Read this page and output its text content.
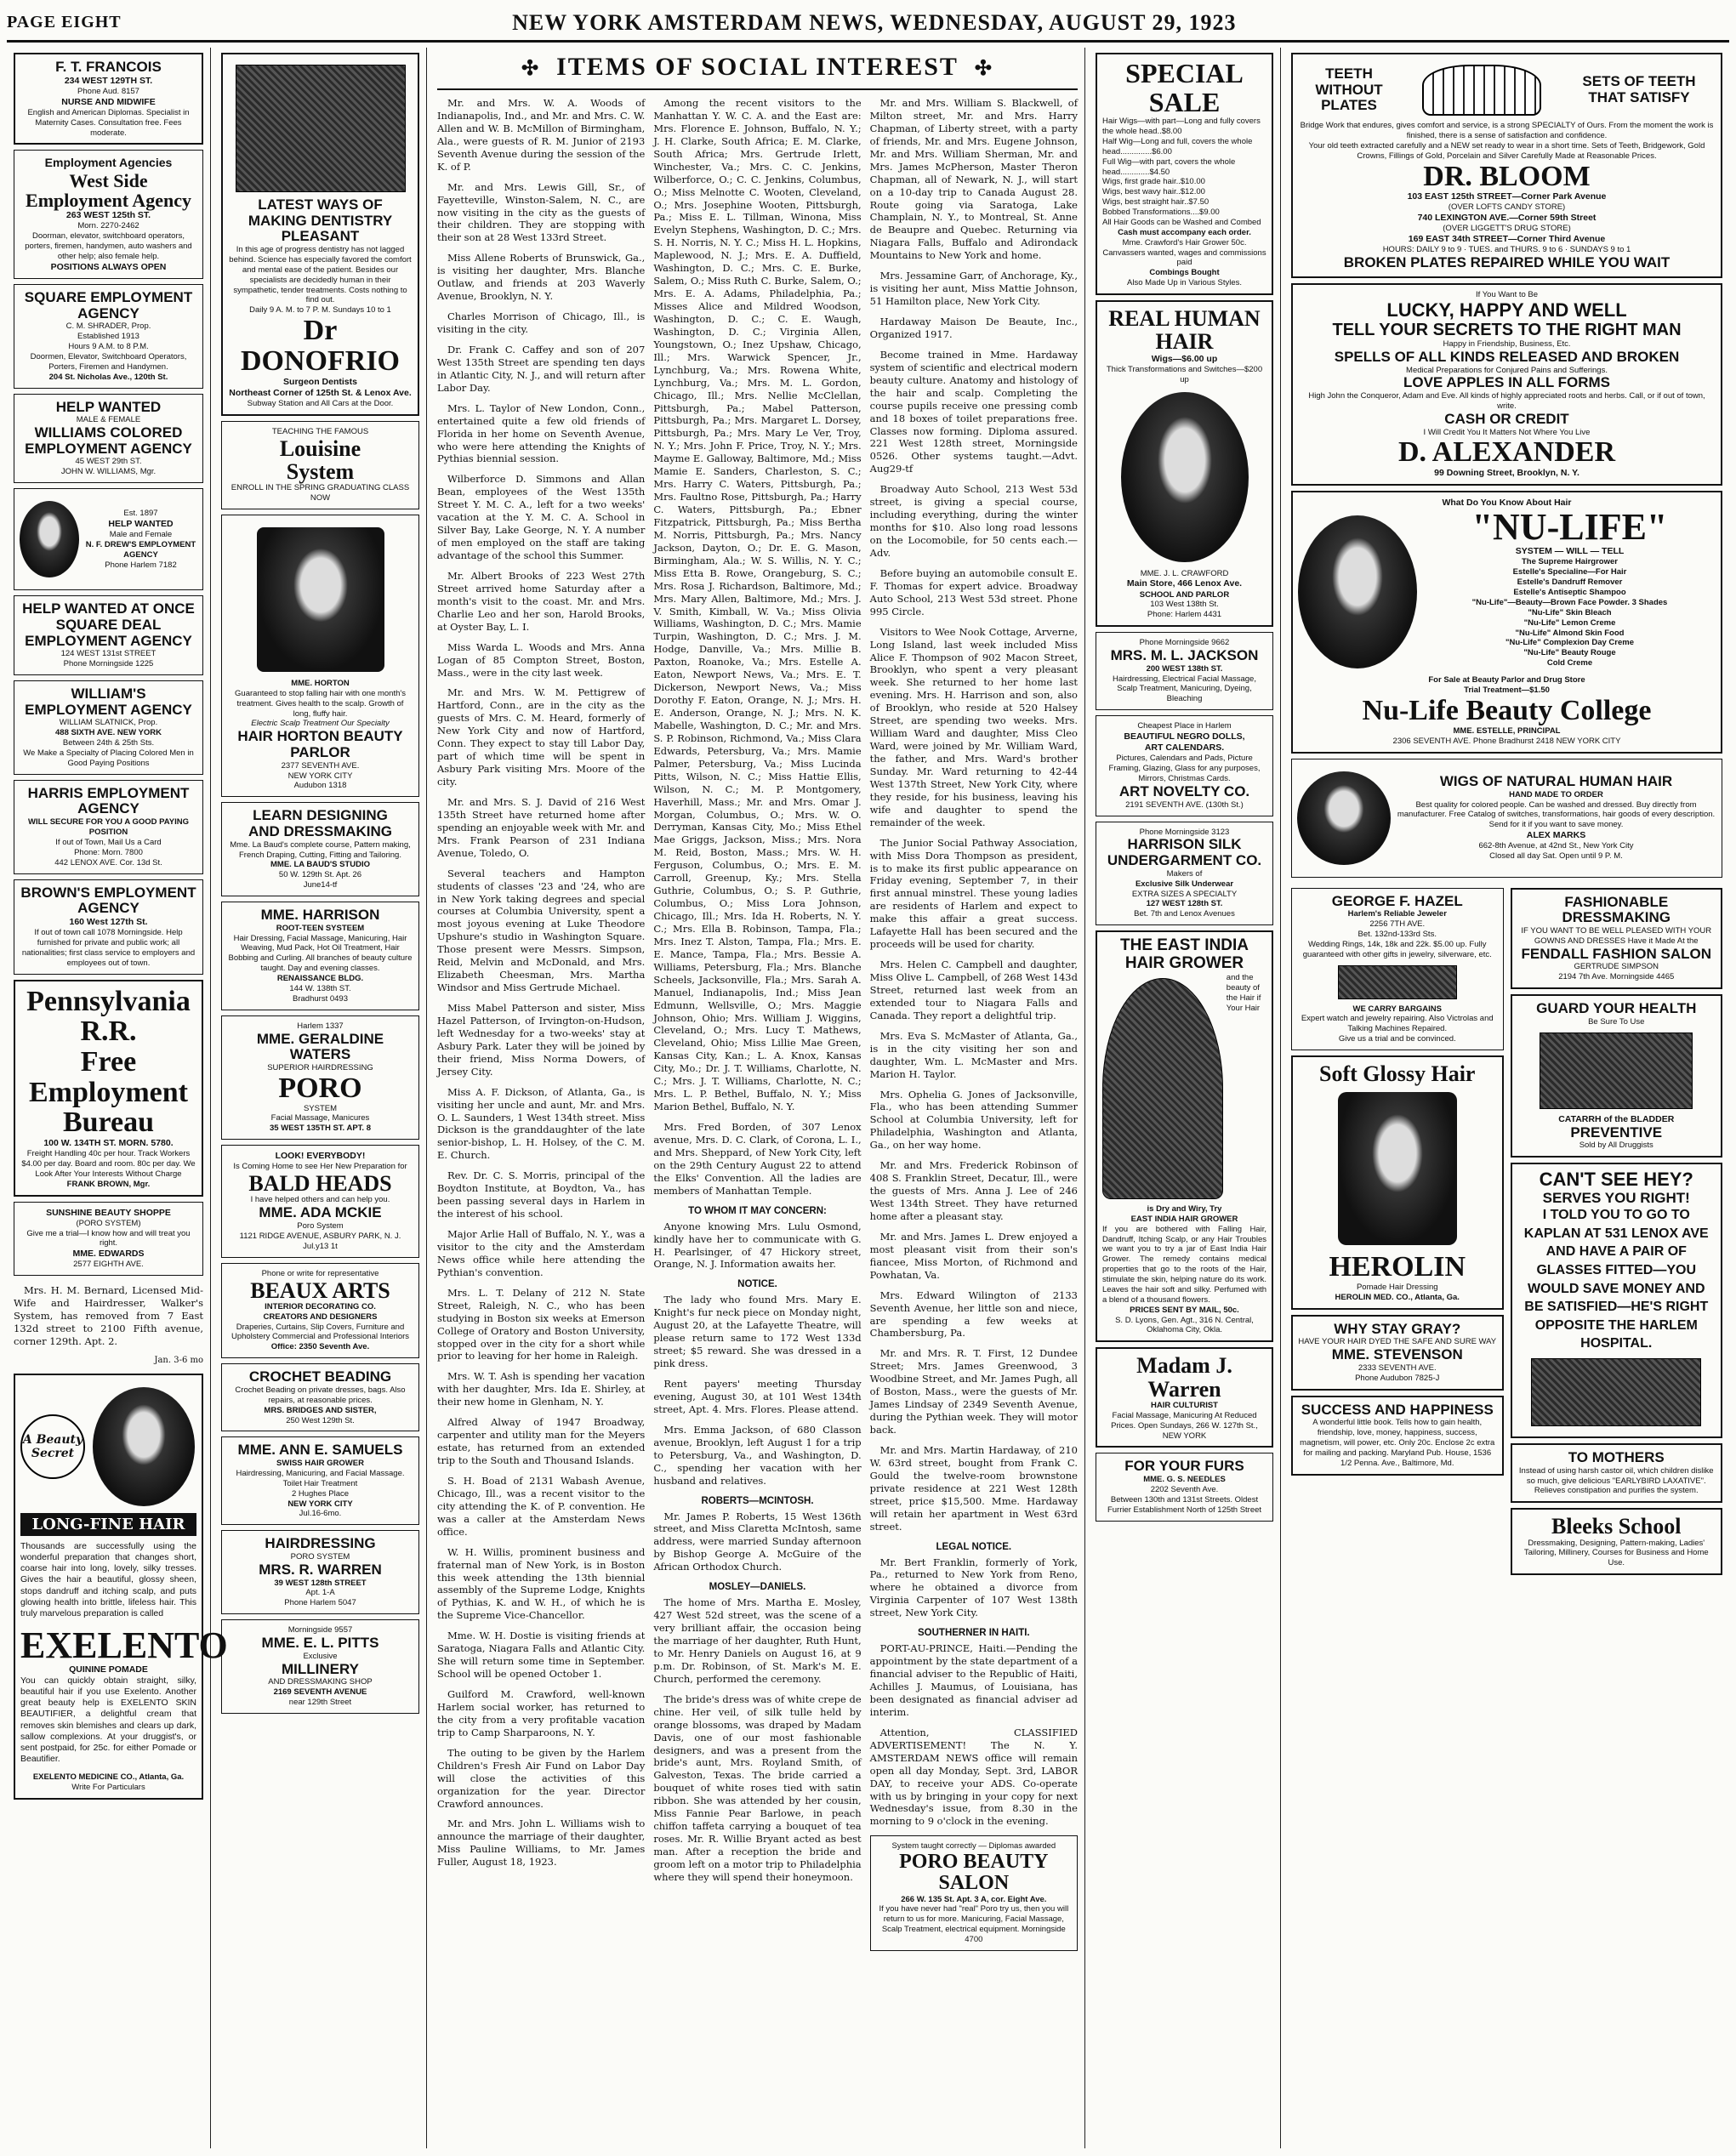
PAGE EIGHT	NEW YORK AMSTERDAM NEWS, WEDNESDAY, AUGUST 29, 1923
F. T. FRANCOIS

234 WEST 129TH ST.

Phone Aud. 8157

NURSE AND MIDWIFE

English and American Diplomas. Specialist in Maternity Cases. Consultation free. Fees moderate.

Employment Agencies

West Side Employment Agency

263 WEST 125th ST.

Morn. 2270-2462

Doorman, elevator, switchboard operators, porters, firemen, handymen, auto washers and other help; also female help.

POSITIONS ALWAYS OPEN

SQUARE EMPLOYMENT AGENCY

C. M. SHRADER, Prop.

Established 1913

Hours 9 A.M. to 8 P.M.

Doormen, Elevator, Switchboard Operators, Porters, Firemen and Handymen.

204 St. Nicholas Ave., 120th St.

HELP WANTED

MALE & FEMALE

WILLIAMS COLORED EMPLOYMENT AGENCY

45 WEST 29th ST.

JOHN W. WILLIAMS, Mgr.

Est. 1897

HELP WANTED

Male and Female

N. F. DREW'S EMPLOYMENT AGENCY

Phone Harlem 7182

HELP WANTED AT ONCE
SQUARE DEAL EMPLOYMENT AGENCY

124 WEST 131st STREET

Phone Morningside 1225

WILLIAM'S EMPLOYMENT AGENCY

WILLIAM SLATNICK, Prop.

488 SIXTH AVE. NEW YORK

Between 24th & 25th Sts.

We Make a Specialty of Placing Colored Men in Good Paying Positions

HARRIS EMPLOYMENT AGENCY

WILL SECURE FOR YOU A GOOD PAYING POSITION

If out of Town, Mail Us a Card

Phone: Morn. 7800

442 LENOX AVE. Cor. 13d St.

BROWN'S EMPLOYMENT AGENCY

160 West 127th St.

If out of town call 1078 Morningside. Help furnished for private and public work; all nationalities; first class service to employers and employees out of town.

Pennsylvania R.R.
Free Employment
Bureau

100 W. 134TH ST. MORN. 5780.

Freight Handling 40c per hour. Track Workers $4.00 per day. Board and room. 80c per day. We Look After Your Interests Without Charge

FRANK BROWN, Mgr.

SUNSHINE BEAUTY SHOPPE

(PORO SYSTEM)

Give me a trial—I know how and will treat you right.

MME. EDWARDS

2577 EIGHTH AVE.

Mrs. H. M. Bernard, Licensed Mid-Wife and Hairdresser, Walker's System, has removed from 7 East 132d street to 2100 Fifth avenue, corner 129th. Apt. 2.

Jan. 3-6 mo

A Beauty Secret
LONG-FINE HAIR

Thousands are successfully using the wonderful preparation that changes short, coarse hair into long, lovely, silky tresses. Gives the hair a beautiful, glossy sheen, stops dandruff and itching scalp, and puts glowing health into brittle, lifeless hair. This truly marvelous preparation is called

EXELENTO

QUININE POMADE

You can quickly obtain straight, silky, beautiful hair if you use Exelento. Another great beauty help is EXELENTO SKIN BEAUTIFIER, a delightful cream that removes skin blemishes and clears up dark, sallow complexions. At your druggist's, or sent postpaid, for 25c. for either Pomade or Beautifier.

EXELENTO MEDICINE CO., Atlanta, Ga.

Write For Particulars

LATEST WAYS OF MAKING DENTISTRY PLEASANT

In this age of progress dentistry has not lagged behind. Science has especially favored the comfort and mental ease of the patient. Besides our specialists are decidedly human in their sympathetic, tender treatments. Costs nothing to find out.

Daily 9 A. M. to 7 P. M. Sundays 10 to 1

Dr DONOFRIO

Surgeon Dentists

Northeast Corner of 125th St. & Lenox Ave.

Subway Station and All Cars at the Door.

TEACHING THE FAMOUS

Louisine
System

ENROLL IN THE SPRING GRADUATING CLASS NOW

MME. HORTON

Guaranteed to stop falling hair with one month's treatment. Gives health to the scalp. Growth of long, fluffy hair.

Electric Scalp Treatment Our Specialty

HAIR HORTON BEAUTY PARLOR

2377 SEVENTH AVE.

NEW YORK CITY

Audubon 1318

LEARN DESIGNING
AND DRESSMAKING

Mme. La Baud's complete course, Pattern making, French Draping, Cutting, Fitting and Tailoring.

MME. LA BAUD'S STUDIO

50 W. 129th St. Apt. 26

June14-tf

MME. HARRISON

ROOT-TEEN SYSTEEM

Hair Dressing, Facial Massage, Manicuring, Hair Weaving, Mud Pack, Hot Oil Treatment, Hair Bobbing and Curling. All branches of beauty culture taught. Day and evening classes.

RENAISSANCE BLDG.

144 W. 138th ST.

Bradhurst 0493

Harlem 1337

MME. GERALDINE WATERS

SUPERIOR HAIRDRESSING

PORO

SYSTEM

Facial Massage, Manicures

35 WEST 135TH ST. APT. 8

LOOK! EVERYBODY!

Is Coming Home to see Her New Preparation for

BALD HEADS

I have helped others and can help you.

MME. ADA MCKIE

Poro System

1121 RIDGE AVENUE, ASBURY PARK, N. J.

Jul.y13 1t

Phone or write for representative

BEAUX ARTS

INTERIOR DECORATING CO.

CREATORS AND DESIGNERS

Draperies, Curtains, Slip Covers, Furniture and Upholstery Commercial and Professional Interiors

Office: 2350 Seventh Ave.

CROCHET BEADING

Crochet Beading on private dresses, bags. Also repairs, at reasonable prices.

MRS. BRIDGES AND SISTER,

250 West 129th St.

MME. ANN E. SAMUELS

SWISS HAIR GROWER

Hairdressing, Manicuring, and Facial Massage. Toilet Hair Treatment

2 Hughes Place

NEW YORK CITY

Jul.16-6mo.

HAIRDRESSING

PORO SYSTEM

MRS. R. WARREN

39 WEST 128th STREET

Apt. 1-A

Phone Harlem 5047

Morningside 9557

MME. E. L. PITTS

Exclusive

MILLINERY

AND DRESSMAKING SHOP

2169 SEVENTH AVENUE

near 129th Street

✣ ITEMS OF SOCIAL INTEREST ✣

Mr. and Mrs. W. A. Woods of Indianapolis, Ind., and Mr. and Mrs. C. W. Allen and W. B. McMillon of Birmingham, Ala., were guests of R. M. Junior of 2193 Seventh Avenue during the session of the K. of P.

Mr. and Mrs. Lewis Gill, Sr., of Fayetteville, Winston-Salem, N. C., are now visiting in the city as the guests of their children. They are stopping with their son at 28 West 133rd Street.

Miss Allene Roberts of Brunswick, Ga., is visiting her daughter, Mrs. Blanche Outlaw, and friends at 203 Waverly Avenue, Brooklyn, N. Y.

Charles Morrison of Chicago, Ill., is visiting in the city.

Dr. Frank C. Caffey and son of 207 West 135th Street are spending ten days in Atlantic City, N. J., and will return after Labor Day.

Mrs. L. Taylor of New London, Conn., entertained quite a few old friends of Florida in her home on Seventh Avenue, who were here attending the Knights of Pythias biennial session.

Wilberforce D. Simmons and Allan Bean, employees of the West 135th Street Y. M. C. A., left for a two weeks' vacation at the Y. M. C. A. School in Silver Bay, Lake George, N. Y. A number of men employed on the staff are taking advantage of the school this Summer.

Mr. Albert Brooks of 223 West 27th Street arrived home Saturday after a month's visit to the coast. Mr. and Mrs. Charlie Leo and her son, Harold Brooks, at Oyster Bay, L. I.

Miss Warda L. Woods and Mrs. Anna Logan of 85 Compton Street, Boston, Mass., were in the city last week.

Mr. and Mrs. W. M. Pettigrew of Hartford, Conn., are in the city as the guests of Mrs. C. M. Heard, formerly of New York City and now of Hartford, Conn. They expect to stay till Labor Day, part of which time will be spent in Asbury Park visiting Mrs. Moore of the city.

Mr. and Mrs. S. J. David of 216 West 135th Street have returned home after spending an enjoyable week with Mr. and Mrs. Frank Pearson of 231 Indiana Avenue, Toledo, O.

Several teachers and Hampton students of classes '23 and '24, who are in New York taking degrees and special courses at Columbia University, spent a most joyous evening at Luke Theodore Upshure's studio in Washington Square. Those present were Messrs. Simpson, Reid, Melvin and McDonald, and Mrs. Elizabeth Cheesman, Mrs. Martha Windsor and Miss Gertrude Michael.

Miss Mabel Patterson and sister, Miss Hazel Patterson, of Irvington-on-Hudson, left Wednesday for a two-weeks' stay at Asbury Park. Later they will be joined by their friend, Miss Norma Dowers, of Jersey City.

Miss A. F. Dickson, of Atlanta, Ga., is visiting her uncle and aunt, Mr. and Mrs. O. L. Saunders, 1 West 134th street. Miss Dickson is the granddaughter of the late senior-bishop, L. H. Holsey, of the C. M. E. Church.

Rev. Dr. C. S. Morris, principal of the Boydton Institute, at Boydton, Va., has been passing several days in Harlem in the interest of his school.

Major Arlie Hall of Buffalo, N. Y., was a visitor to the city and the Amsterdam News office while here attending the Pythian's convention.

Mrs. L. T. Delany of 212 N. State Street, Raleigh, N. C., who has been studying in Boston six weeks at Emerson College of Oratory and Boston University, stopped over in the city for a short while prior to leaving for her home in Raleigh.

Mrs. W. T. Ash is spending her vacation with her daughter, Mrs. Ida E. Shirley, at their new home in Glenham, N. Y.

Alfred Alway of 1947 Broadway, carpenter and utility man for the Meyers estate, has returned from an extended trip to the South and Thousand Islands.

S. H. Boad of 2131 Wabash Avenue, Chicago, Ill., was a recent visitor to the city attending the K. of P. convention. He was a caller at the Amsterdam News office.

W. H. Willis, prominent business and fraternal man of New York, is in Boston this week attending the 13th biennial assembly of the Supreme Lodge, Knights of Pythias, K. and W. H., of which he is the Supreme Vice-Chancellor.

Mme. W. H. Dostie is visiting friends at Saratoga, Niagara Falls and Atlantic City. She will return some time in September. School will be opened October 1.

Guilford M. Crawford, well-known Harlem social worker, has returned to the city from a very profitable vacation trip to Camp Sharparoons, N. Y.

The outing to be given by the Harlem Children's Fresh Air Fund on Labor Day will close the activities of this organization for the year. Director Crawford announces.

Mr. and Mrs. John L. Williams wish to announce the marriage of their daughter, Miss Pauline Williams, to Mr. James Fuller, August 18, 1923.

Among the recent visitors to the Manhattan Y. W. C. A. and the East are: Mrs. Florence E. Johnson, Buffalo, N. Y.; J. H. Clarke, South Africa; E. M. Clarke, South Africa; Mrs. Gertrude Irlett, Winchester, Va.; Mrs. C. C. Jenkins, Wilberforce, O.; C. C. Jenkins, Columbus, O.; Miss Melnotte C. Wooten, Cleveland, O.; Mrs. Josephine Wooten, Pittsburgh, Pa.; Miss E. L. Tillman, Winona, Miss Evelyn Stephens, Washington, D. C.; Mrs. S. H. Norris, N. Y. C.; Miss H. L. Hopkins, Maplewood, N. J.; Mrs. E. A. Duffield, Washington, D. C.; Mrs. C. E. Burke, Salem, O.; Miss Ruth C. Burke, Salem, O.; Mrs. E. A. Adams, Philadelphia, Pa.; Misses Alice and Mildred Woodson, Washington, D. C.; C. E. Waugh, Washington, D. C.; Virginia Allen, Youngstown, O.; Inez Upshaw, Chicago, Ill.; Mrs. Warwick Spencer, Jr., Lynchburg, Va.; Mrs. Rowena White, Lynchburg, Va.; Mrs. M. L. Gordon, Chicago, Ill.; Mrs. Nellie McClellan, Pittsburgh, Pa.; Mabel Patterson, Pittsburgh, Pa.; Mrs. Margaret L. Dorsey, Pittsburgh, Pa.; Mrs. Mary Le Ver, Troy, N. Y.; Mrs. John F. Price, Troy, N. Y.; Mrs. Mayme E. Galloway, Baltimore, Md.; Miss Mamie E. Sanders, Charleston, S. C.; Mrs. Harry C. Waters, Pittsburgh, Pa.; Mrs. Faultno Rose, Pittsburgh, Pa.; Harry C. Waters, Pittsburgh, Pa.; Ebner Fitzpatrick, Pittsburgh, Pa.; Miss Bertha M. Norris, Pittsburgh, Pa.; Mrs. Nancy Jackson, Dayton, O.; Dr. E. G. Mason, Birmingham, Ala.; W. S. Willis, N. Y. C.; Miss Etta B. Rowe, Orangeburg, S. C.; Mrs. Rosa J. Richardson, Baltimore, Md.; Mrs. Mary Allen, Baltimore, Md.; Mrs. J. V. Smith, Kimball, W. Va.; Miss Olivia Williams, Washington, D. C.; Mrs. Mamie Turpin, Washington, D. C.; Mrs. J. M. Hodge, Danville, Va.; Mrs. Millie B. Paxton, Roanoke, Va.; Mrs. Estelle A. Eaton, Newport News, Va.; Mrs. E. T. Dickerson, Newport News, Va.; Miss Dorothy F. Eaton, Orange, N. J.; Mrs. H. E. Anderson, Orange, N. J.; Mrs. N. K. Mabelle, Washington, D. C.; Mr. and Mrs. S. P. Robinson, Richmond, Va.; Miss Clara Edwards, Petersburg, Va.; Mrs. Mamie Palmer, Petersburg, Va.; Miss Lucinda Pitts, Wilson, N. C.; Miss Hattie Ellis, Wilson, N. C.; M. P. Montgomery, Haverhill, Mass.; Mr. and Mrs. Omar J. Morgan, Columbus, O.; Mrs. W. O. Derryman, Kansas City, Mo.; Miss Ethel Mae Griggs, Jackson, Miss.; Mrs. Nora M. Reid, Boston, Mass.; Mrs. W. H. Ferguson, Columbus, O.; Mrs. E. M. Carroll, Greenup, Ky.; Mrs. Stella Guthrie, Columbus, O.; S. P. Guthrie, Columbus, O.; Miss Lora Johnson, Chicago, Ill.; Mrs. Ida H. Roberts, N. Y. C.; Mrs. Ella B. Robinson, Tampa, Fla.; Mrs. Inez T. Alston, Tampa, Fla.; Mrs. E. E. Mance, Tampa, Fla.; Mrs. Bessie A. Williams, Petersburg, Fla.; Mrs. Blanche Scheels, Jacksonville, Fla.; Mrs. Sarah A. Manuel, Indianapolis, Ind.; Miss Jean Edmunn, Wellsville, O.; Mrs. Maggie Johnson, Ohio; Mrs. William J. Wiggins, Cleveland, O.; Mrs. Lucy T. Mathews, Cleveland, Ohio; Miss Lillie Mae Green, Kansas City, Kan.; L. A. Knox, Kansas City, Mo.; Dr. J. T. Williams, Charlotte, N. C.; Mrs. J. T. Williams, Charlotte, N. C.; Mrs. L. P. Bethel, Buffalo, N. Y.; Miss Marion Bethel, Buffalo, N. Y.

Mrs. Fred Borden, of 307 Lenox avenue, Mrs. D. C. Clark, of Corona, L. I., and Mrs. Sheppard, of New York City, left on the 29th Century August 22 to attend the Elks' Convention. All the ladies are members of Manhattan Temple.

TO WHOM IT MAY CONCERN:

Anyone knowing Mrs. Lulu Osmond, kindly have her to communicate with G. H. Pearlsinger, of 47 Hickory street, Orange, N. J. Information awaits her.

NOTICE.

The lady who found Mrs. Mary E. Knight's fur neck piece on Monday night, August 20, at the Lafayette Theatre, will please return same to 172 West 133d street; $5 reward. She was dressed in a pink dress.

Rent payers' meeting Thursday evening, August 30, at 101 West 134th street, Apt. 4. Mrs. Flores. Please attend.

Mrs. Emma Jackson, of 680 Classon avenue, Brooklyn, left August 1 for a trip to Petersburg, Va., and Washington, D. C., spending her vacation with her husband and relatives.

ROBERTS—MCINTOSH.

Mr. James P. Roberts, 15 West 136th street, and Miss Claretta McIntosh, same address, were married Sunday afternoon by Bishop George A. McGuire of the African Orthodox Church.

MOSLEY—DANIELS.

The home of Mrs. Martha E. Mosley, 427 West 52d street, was the scene of a very brilliant affair, the occasion being the marriage of her daughter, Ruth Hunt, to Mr. Henry Daniels on August 16, at 9 p.m. Dr. Robinson, of St. Mark's M. E. Church, performed the ceremony.

The bride's dress was of white crepe de chine. Her veil, of silk tulle held by orange blossoms, was draped by Madam Davis, one of our most fashionable designers, and was a present from the bride's aunt, Mrs. Royland Smith, of Galveston, Texas. The bride carried a bouquet of white roses tied with satin ribbon. She was attended by her cousin, Miss Fannie Pear Barlowe, in peach chiffon taffeta carrying a bouquet of tea roses. Mr. R. Willie Bryant acted as best man. After a reception the bride and groom left on a motor trip to Philadelphia where they will spend their honeymoon.

Mr. and Mrs. William S. Blackwell, of Milton street, Mr. and Mrs. Harry Chapman, of Liberty street, with a party of friends, Mr. and Mrs. Eugene Johnson, Mr. and Mrs. William Sherman, Mr. and Mrs. James McPherson, Master Theron Chapman, all of Newark, N. J., will start on a 10-day trip to Canada August 28. Route going via Saratoga, Lake Champlain, N. Y., to Montreal, St. Anne de Beaupre and Quebec. Returning via Niagara Falls, Buffalo and Adirondack Mountains to New York and home.

Mrs. Jessamine Garr, of Anchorage, Ky., is visiting her aunt, Miss Mattie Johnson, 51 Hamilton place, New York City.

Hardaway Maison De Beaute, Inc., Organized 1917.

Become trained in Mme. Hardaway system of scientific and electrical modern beauty culture. Anatomy and histology of the hair and scalp. Completing the course pupils receive one pressing comb and 18 boxes of toilet preparations free. Classes now forming. Diploma assured. 221 West 128th street, Morningside 0526. Other systems taught.—Advt. Aug29-tf

Broadway Auto School, 213 West 53d street, is giving a special course, including everything, during the winter months for $10. Also long road lessons on the Locomobile, for 50 cents each.—Adv.

Before buying an automobile consult E. F. Thomas for expert advice. Broadway Auto School, 213 West 53d street. Phone 995 Circle.

Visitors to Wee Nook Cottage, Arverne, Long Island, last week included Miss Alice F. Thompson of 902 Macon Street, Brooklyn, who spent a very pleasant week. She returned to her home last evening. Mrs. H. Harrison and son, also of Brooklyn, who reside at 520 Halsey Street, are spending two weeks. Mrs. William Ward and daughter, Miss Cleo Ward, were joined by Mr. William Ward, the father, and Mrs. Ward's brother Sunday. Mr. Ward returning to 42-44 West 137th Street, New York City, where they reside, for his business, leaving his wife and daughter to spend the remainder of the week.

The Junior Social Pathway Association, with Miss Dora Thompson as president, is to make its first public appearance on Friday evening, September 7, in their first annual minstrel. These young ladies are residents of Harlem and expect to make this affair a great success. Lafayette Hall has been secured and the proceeds will be used for charity.

Mrs. Helen C. Campbell and daughter, Miss Olive L. Campbell, of 268 West 143d Street, returned last week from an extended tour to Niagara Falls and Canada. They report a delightful trip.

Mrs. Eva S. McMaster of Atlanta, Ga., is in the city visiting her son and daughter, Wm. L. McMaster and Mrs. Marion H. Taylor.

Mrs. Ophelia G. Jones of Jacksonville, Fla., who has been attending Summer School at Columbia University, left for Philadelphia, Washington and Atlanta, Ga., on her way home.

Mr. and Mrs. Frederick Robinson of 408 S. Franklin Street, Decatur, Ill., were the guests of Mrs. Anna J. Lee of 246 West 134th Street. They have returned home after a pleasant stay.

Mr. and Mrs. James L. Drew enjoyed a most pleasant visit from their son's fiancee, Miss Morton, of Richmond and Powhatan, Va.

Mrs. Edward Wilington of 2133 Seventh Avenue, her little son and niece, are spending a few weeks at Chambersburg, Pa.

Mr. and Mrs. R. T. First, 12 Dundee Street; Mrs. James Greenwood, 3 Woodbine Street, and Mr. James Pugh, all of Boston, Mass., were the guests of Mr. James Lindsay of 2349 Seventh Avenue, during the Pythian week. They will motor back.

Mr. and Mrs. Martin Hardaway, of 210 W. 63rd street, bought from Frank C. Gould the twelve-room brownstone private residence at 221 West 128th street, price $15,500. Mme. Hardaway will retain her apartment in West 63rd street.

LEGAL NOTICE.

Mr. Bert Franklin, formerly of York, Pa., returned to New York from Reno, where he obtained a divorce from Virginia Carpenter of 107 West 138th street, New York City.

SOUTHERNER IN HAITI.

PORT-AU-PRINCE, Haiti.—Pending the appointment by the state department of a financial adviser to the Republic of Haiti, Achilles J. Maumus, of Louisiana, has been designated as financial adviser ad interim.

Attention, CLASSIFIED ADVERTISEMENT! The N. Y. AMSTERDAM NEWS office will remain open all day Monday, Sept. 3rd, LABOR DAY, to receive your ADS. Co-operate with us by bringing in your copy for next Wednesday's issue, from 8.30 in the morning to 9 o'clock in the evening.

System taught correctly — Diplomas awarded

PORO BEAUTY SALON

266 W. 135 St. Apt. 3 A, cor. Eight Ave.

If you have never had "real" Poro try us, then you will return to us for more. Manicuring, Facial Massage, Scalp Treatment, electrical equipment. Morningside 4700

SPECIAL SALE

Hair Wigs—with part—Long and fully covers the whole head..$8.00

Half Wig—Long and full, covers the whole head..............$6.00

Full Wig—with part, covers the whole head.............$4.50

Wigs, first grade hair..$10.00

Wigs, best wavy hair..$12.00

Wigs, best straight hair..$7.50

Bobbed Transformations....$9.00

All Hair Goods can be Washed and Combed

Cash must accompany each order.

Mme. Crawford's Hair Grower 50c.

Canvassers wanted, wages and commissions paid

Combings Bought

Also Made Up in Various Styles.

REAL HUMAN HAIR

Wigs—$6.00 up

Thick Transformations and Switches—$200 up

MME. J. L. CRAWFORD

Main Store, 466 Lenox Ave.

SCHOOL AND PARLOR

103 West 138th St.

Phone: Harlem 4431

Phone Morningside 9662

MRS. M. L. JACKSON

200 WEST 138th ST.

Hairdressing, Electrical Facial Massage, Scalp Treatment, Manicuring, Dyeing, Bleaching

Cheapest Place in Harlem

BEAUTIFUL NEGRO DOLLS,

ART CALENDARS.

Pictures, Calendars and Pads, Picture Framing, Glazing, Glass for any purposes, Mirrors, Christmas Cards.

ART NOVELTY CO.

2191 SEVENTH AVE. (130th St.)

Phone Morningside 3123

HARRISON SILK UNDERGARMENT CO.

Makers of

Exclusive Silk Underwear

EXTRA SIZES A SPECIALTY

127 WEST 128th ST.

Bet. 7th and Lenox Avenues

THE EAST INDIA HAIR GROWER

and the beauty of the Hair if Your Hair

is Dry and Wiry, Try

EAST INDIA HAIR GROWER

If you are bothered with Falling Hair, Dandruff, Itching Scalp, or any Hair Troubles we want you to try a jar of East India Hair Grower. The remedy contains medical properties that go to the roots of the Hair, stimulate the skin, helping nature do its work. Leaves the hair soft and silky. Perfumed with a blend of a thousand flowers.

PRICES SENT BY MAIL, 50c.

S. D. Lyons, Gen. Agt., 316 N. Central, Oklahoma City, Okla.

Madam J. Warren

HAIR CULTURIST

Facial Massage, Manicuring At Reduced Prices. Open Sundays, 266 W. 127th St., NEW YORK

FOR YOUR FURS

MME. G. S. NEEDLES

2202 Seventh Ave.

Between 130th and 131st Streets. Oldest Furrier Establishment North of 125th Street

TEETH WITHOUT PLATES
SETS OF TEETH THAT SATISFY

Bridge Work that endures, gives comfort and service, is a strong SPECIALTY of Ours. From the moment the work is finished, there is a sense of satisfaction and confidence.

Your old teeth extracted carefully and a NEW set ready to wear in a short time. Sets of Teeth, Bridgework, Gold Crowns, Fillings of Gold, Porcelain and Silver Carefully Made at Reasonable Prices.

DR. BLOOM

103 EAST 125th STREET—Corner Park Avenue

(OVER LOFTS CANDY STORE)

740 LEXINGTON AVE.—Corner 59th Street

(OVER LIGGETT'S DRUG STORE)

169 EAST 34th STREET—Corner Third Avenue

HOURS: DAILY 9 to 9 · TUES. and THURS. 9 to 6 · SUNDAYS 9 to 1

BROKEN PLATES REPAIRED WHILE YOU WAIT

If You Want to Be

LUCKY, HAPPY AND WELL
TELL YOUR SECRETS TO THE RIGHT MAN

Happy in Friendship, Business, Etc.

SPELLS OF ALL KINDS RELEASED AND BROKEN

Medical Preparations for Conjured Pains and Sufferings.

LOVE APPLES IN ALL FORMS

High John the Conqueror, Adam and Eve. All kinds of highly appreciated roots and herbs. Call, or if out of town, write.

CASH OR CREDIT

I Will Credit You It Matters Not Where You Live

D. ALEXANDER

99 Downing Street, Brooklyn, N. Y.

What Do You Know About Hair

"NU-LIFE"

SYSTEM — WILL — TELL

The Supreme Hairgrower

Estelle's Specialine—For Hair

Estelle's Dandruff Remover

Estelle's Antiseptic Shampoo

"Nu-Life"—Beauty—Brown Face Powder. 3 Shades

"Nu-Life" Skin Bleach

"Nu-Life" Lemon Creme

"Nu-Life" Almond Skin Food

"Nu-Life" Complexion Day Creme

"Nu-Life" Beauty Rouge

Cold Creme

For Sale at Beauty Parlor and Drug Store

Trial Treatment—$1.50

Nu-Life Beauty College

MME. ESTELLE, PRINCIPAL

2306 SEVENTH AVE. Phone Bradhurst 2418 NEW YORK CITY

WIGS OF NATURAL HUMAN HAIR

HAND MADE TO ORDER

Best quality for colored people. Can be washed and dressed. Buy directly from manufacturer. Free Catalog of switches, transformations, hair goods of every description. Send for it if you want to save money.

ALEX MARKS

662-8th Avenue, at 42nd St., New York City

Closed all day Sat. Open until 9 P. M.

GEORGE F. HAZEL

Harlem's Reliable Jeweler

2256 7TH AVE.

Bet. 132nd-133rd Sts.

Wedding Rings, 14k, 18k and 22k. $5.00 up. Fully guaranteed with other gifts in jewelry, silverware, etc.

WE CARRY BARGAINS

Expert watch and jewelry repairing. Also Victrolas and Talking Machines Repaired.

Give us a trial and be convinced.

Soft Glossy Hair
HEROLIN

Pomade Hair Dressing

HEROLIN MED. CO., Atlanta, Ga.

WHY STAY GRAY?

HAVE YOUR HAIR DYED THE SAFE AND SURE WAY

MME. STEVENSON

2333 SEVENTH AVE.

Phone Audubon 7825-J

SUCCESS AND HAPPINESS

A wonderful little book. Tells how to gain health, friendship, love, money, happiness, success, magnetism, will power, etc. Only 20c. Enclose 2c extra for mailing and packing. Maryland Pub. House, 1536 1/2 Penna. Ave., Baltimore, Md.

FASHIONABLE DRESSMAKING

IF YOU WANT TO BE WELL PLEASED WITH YOUR GOWNS AND DRESSES Have it Made At the

FENDALL FASHION SALON

GERTRUDE SIMPSON

2194 7th Ave. Morningside 4465

GUARD YOUR HEALTH

Be Sure To Use

CATARRH of the BLADDER

PREVENTIVE

Sold by All Druggists

CAN'T SEE HEY?
SERVES YOU RIGHT!

I TOLD YOU TO GO TO KAPLAN AT 531 LENOX AVE AND HAVE A PAIR OF GLASSES FITTED—YOU WOULD SAVE MONEY AND BE SATISFIED—HE'S RIGHT OPPOSITE THE HARLEM HOSPITAL.

TO MOTHERS

Instead of using harsh castor oil, which children dislike so much, give delicious "EARLYBIRD LAXATIVE". Relieves constipation and purifies the system.

Bleeks School

Dressmaking, Designing, Pattern-making, Ladies' Tailoring, Millinery, Courses for Business and Home Use.
